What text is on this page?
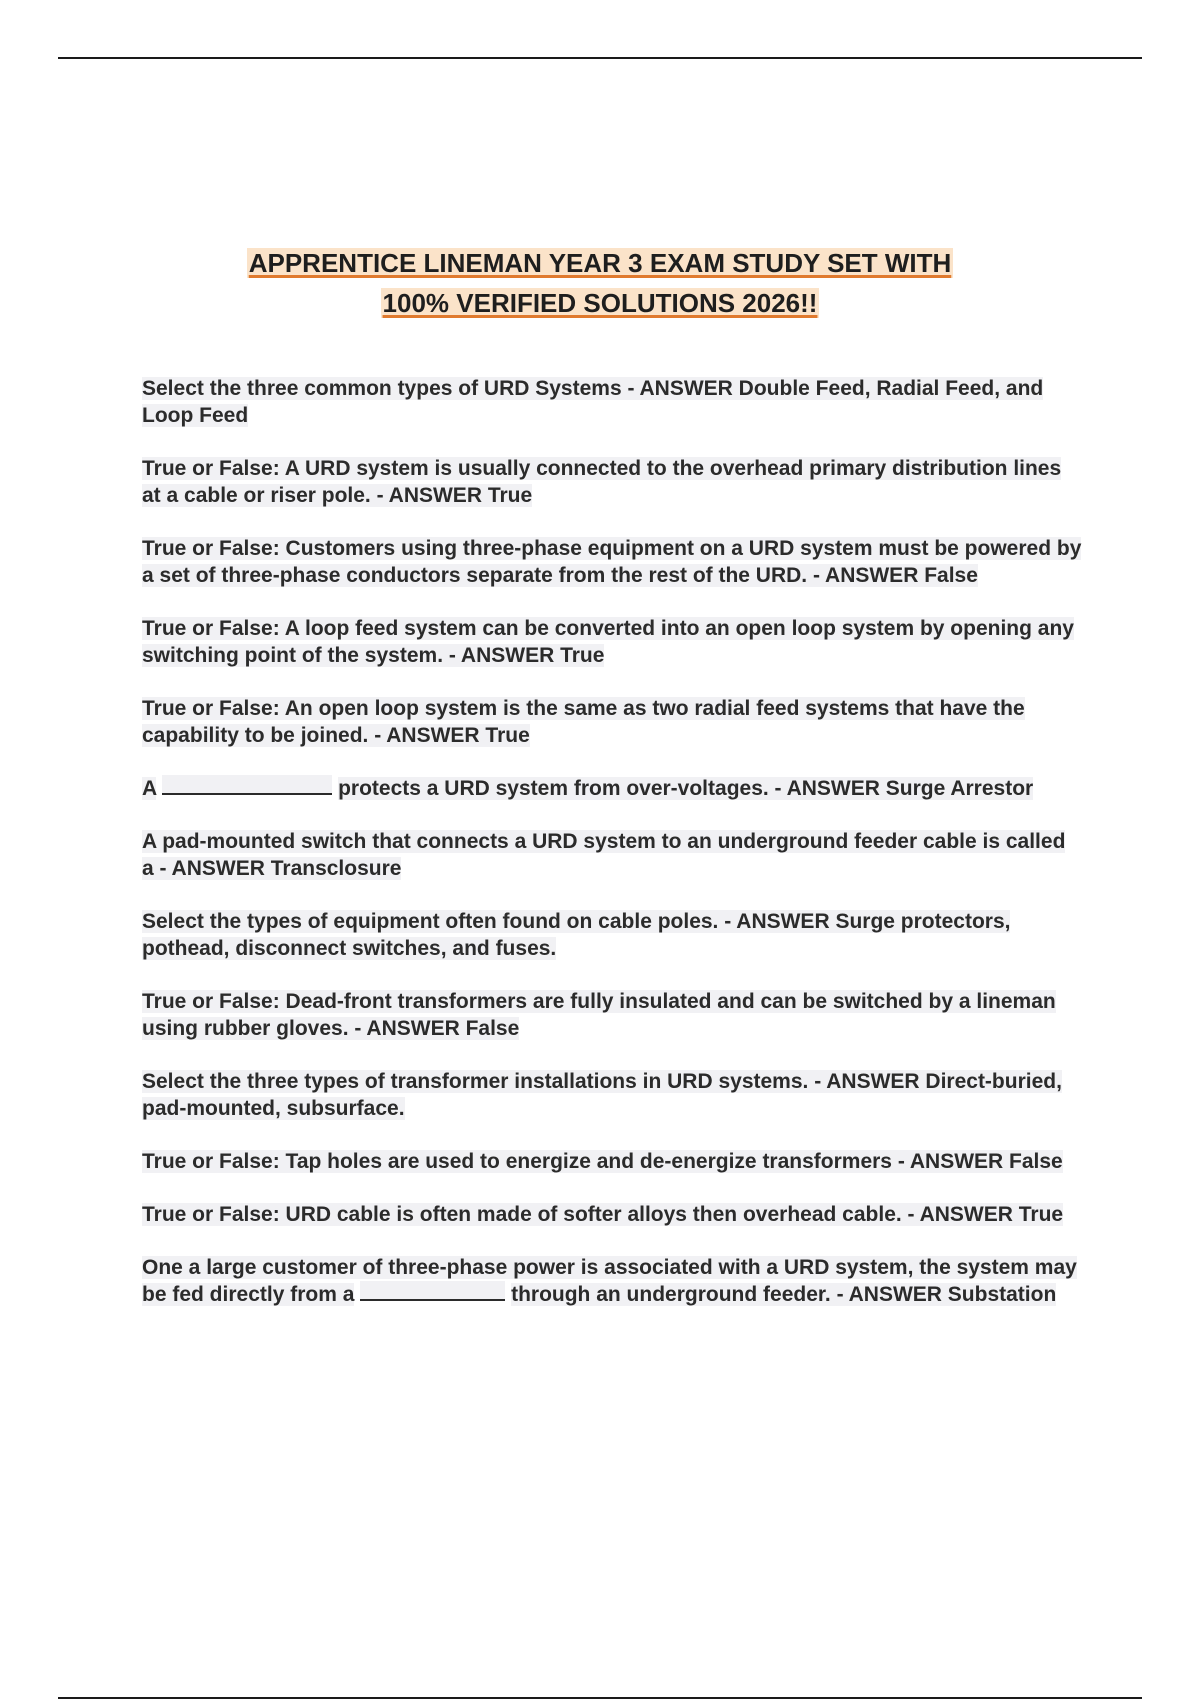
APPRENTICE LINEMAN YEAR 3 EXAM STUDY SET WITH
100% VERIFIED SOLUTIONS 2026!!
Select the three common types of URD Systems - ANSWER Double Feed, Radial Feed, and Loop Feed
True or False: A URD system is usually connected to the overhead primary distribution lines at a cable or riser pole. - ANSWER True
True or False: Customers using three-phase equipment on a URD system must be powered by a set of three-phase conductors separate from the rest of the URD. - ANSWER False
True or False: A loop feed system can be converted into an open loop system by opening any switching point of the system. - ANSWER True
True or False: An open loop system is the same as two radial feed systems that have the capability to be joined. - ANSWER True
A	protects a URD system from over-voltages. - ANSWER Surge Arrestor
A pad-mounted switch that connects a URD system to an underground feeder cable is called a - ANSWER Transclosure
Select the types of equipment often found on cable poles. - ANSWER Surge protectors, pothead, disconnect switches, and fuses.
True or False: Dead-front transformers are fully insulated and can be switched by a lineman using rubber gloves. - ANSWER False
Select the three types of transformer installations in URD systems. - ANSWER Direct-buried, pad-mounted, subsurface.
True or False: Tap holes are used to energize and de-energize transformers - ANSWER False
True or False: URD cable is often made of softer alloys then overhead cable. - ANSWER True
One a large customer of three-phase power is associated with a URD system, the system may be fed directly from a	through an underground feeder. - ANSWER Substation
